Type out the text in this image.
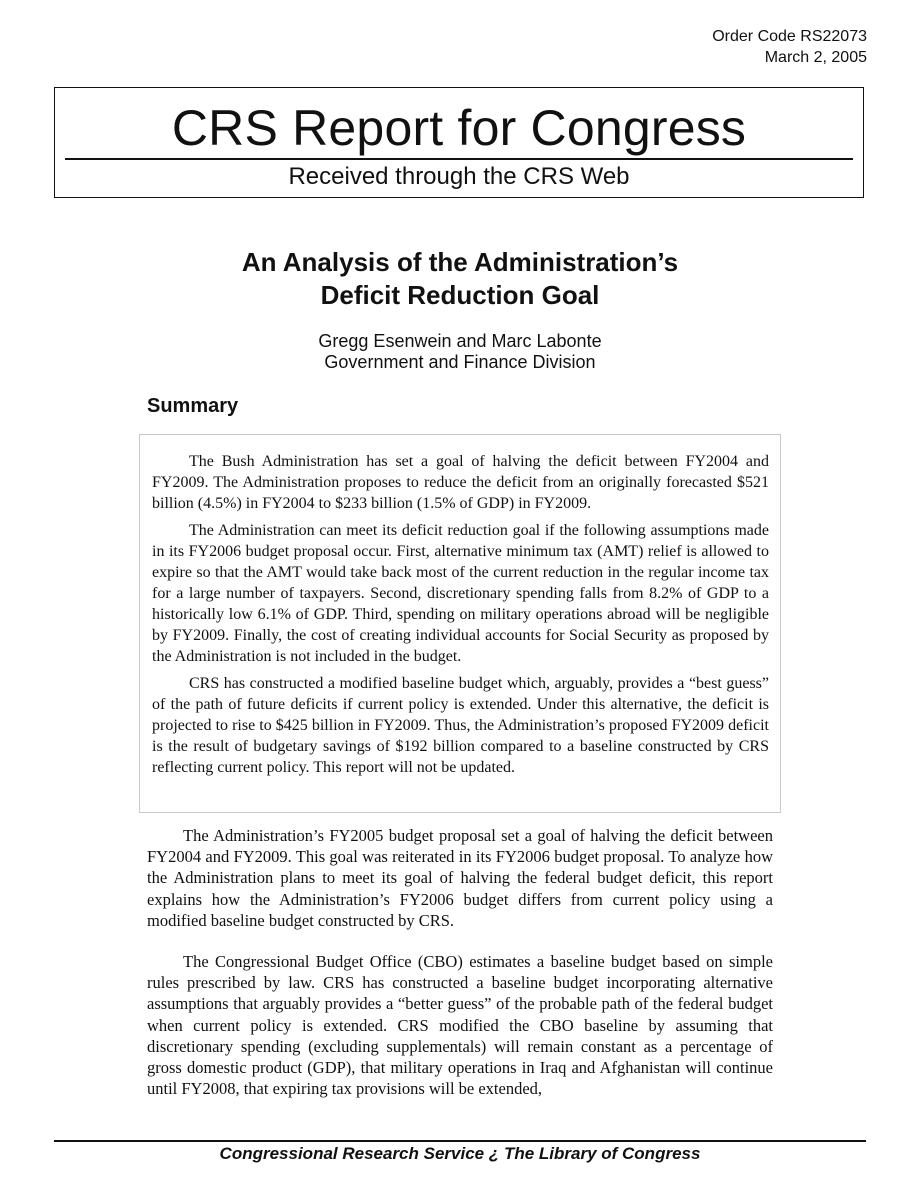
Order Code RS22073
March 2, 2005
CRS Report for Congress
Received through the CRS Web
An Analysis of the Administration’s
Deficit Reduction Goal
Gregg Esenwein and Marc Labonte
Government and Finance Division
Summary

The Bush Administration has set a goal of halving the deficit between FY2004 and FY2009. The Administration proposes to reduce the deficit from an originally forecasted $521 billion (4.5%) in FY2004 to $233 billion (1.5% of GDP) in FY2009.

The Administration can meet its deficit reduction goal if the following assumptions made in its FY2006 budget proposal occur. First, alternative minimum tax (AMT) relief is allowed to expire so that the AMT would take back most of the current reduction in the regular income tax for a large number of taxpayers. Second, discretionary spending falls from 8.2% of GDP to a historically low 6.1% of GDP. Third, spending on military operations abroad will be negligible by FY2009. Finally, the cost of creating individual accounts for Social Security as proposed by the Administration is not included in the budget.

CRS has constructed a modified baseline budget which, arguably, provides a “best guess” of the path of future deficits if current policy is extended. Under this alternative, the deficit is projected to rise to $425 billion in FY2009. Thus, the Administration’s proposed FY2009 deficit is the result of budgetary savings of $192 billion compared to a baseline constructed by CRS reflecting current policy. This report will not be updated.

The Administration’s FY2005 budget proposal set a goal of halving the deficit between FY2004 and FY2009. This goal was reiterated in its FY2006 budget proposal. To analyze how the Administration plans to meet its goal of halving the federal budget deficit, this report explains how the Administration’s FY2006 budget differs from current policy using a modified baseline budget constructed by CRS.

The Congressional Budget Office (CBO) estimates a baseline budget based on simple rules prescribed by law. CRS has constructed a baseline budget incorporating alternative assumptions that arguably provides a “better guess” of the probable path of the federal budget when current policy is extended. CRS modified the CBO baseline by assuming that discretionary spending (excluding supplementals) will remain constant as a percentage of gross domestic product (GDP), that military operations in Iraq and Afghanistan will continue until FY2008, that expiring tax provisions will be extended,

Congressional Research Service ¿ The Library of Congress
